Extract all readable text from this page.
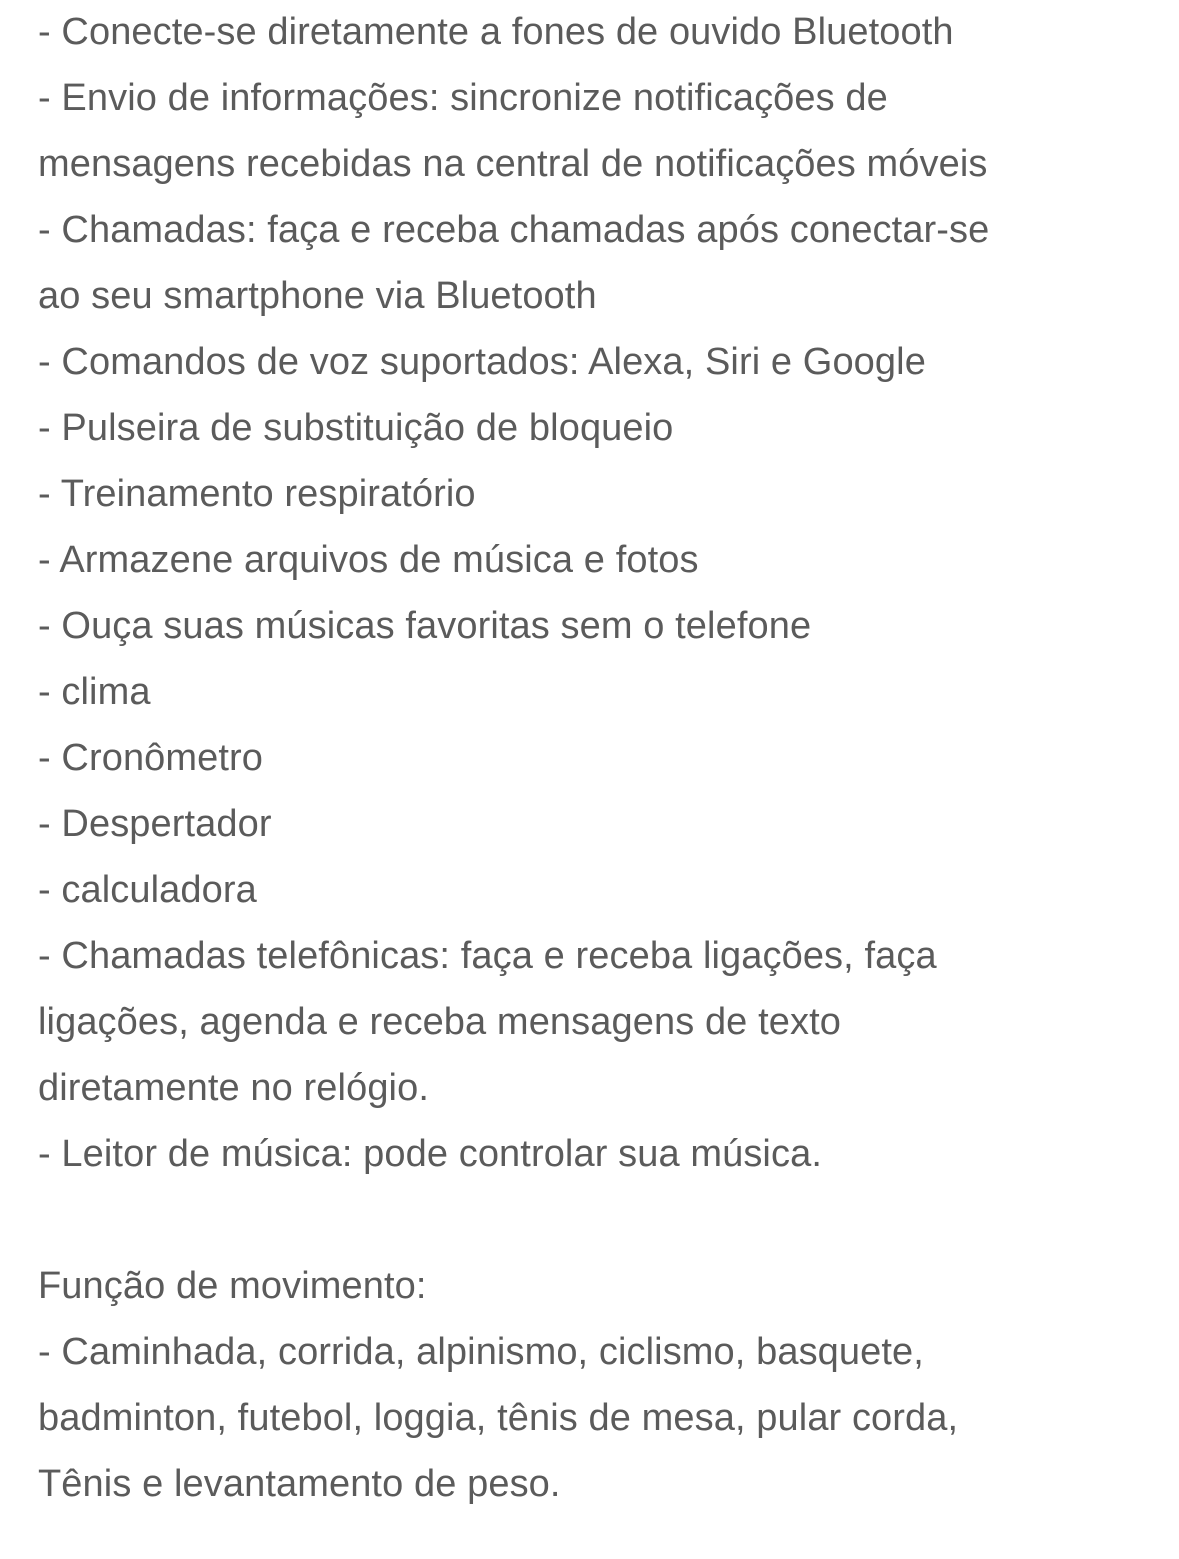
- Conecte-se diretamente a fones de ouvido Bluetooth
- Envio de informações: sincronize notificações de
mensagens recebidas na central de notificações móveis
- Chamadas: faça e receba chamadas após conectar-se
ao seu smartphone via Bluetooth
- Comandos de voz suportados: Alexa, Siri e Google
- Pulseira de substituição de bloqueio
- Treinamento respiratório
- Armazene arquivos de música e fotos
- Ouça suas músicas favoritas sem o telefone
- clima
- Cronômetro
- Despertador
- calculadora
- Chamadas telefônicas: faça e receba ligações, faça
ligações, agenda e receba mensagens de texto
diretamente no relógio.
- Leitor de música: pode controlar sua música.
Função de movimento:
- Caminhada, corrida, alpinismo, ciclismo, basquete,
badminton, futebol, loggia, tênis de mesa, pular corda,
Tênis e levantamento de peso.
